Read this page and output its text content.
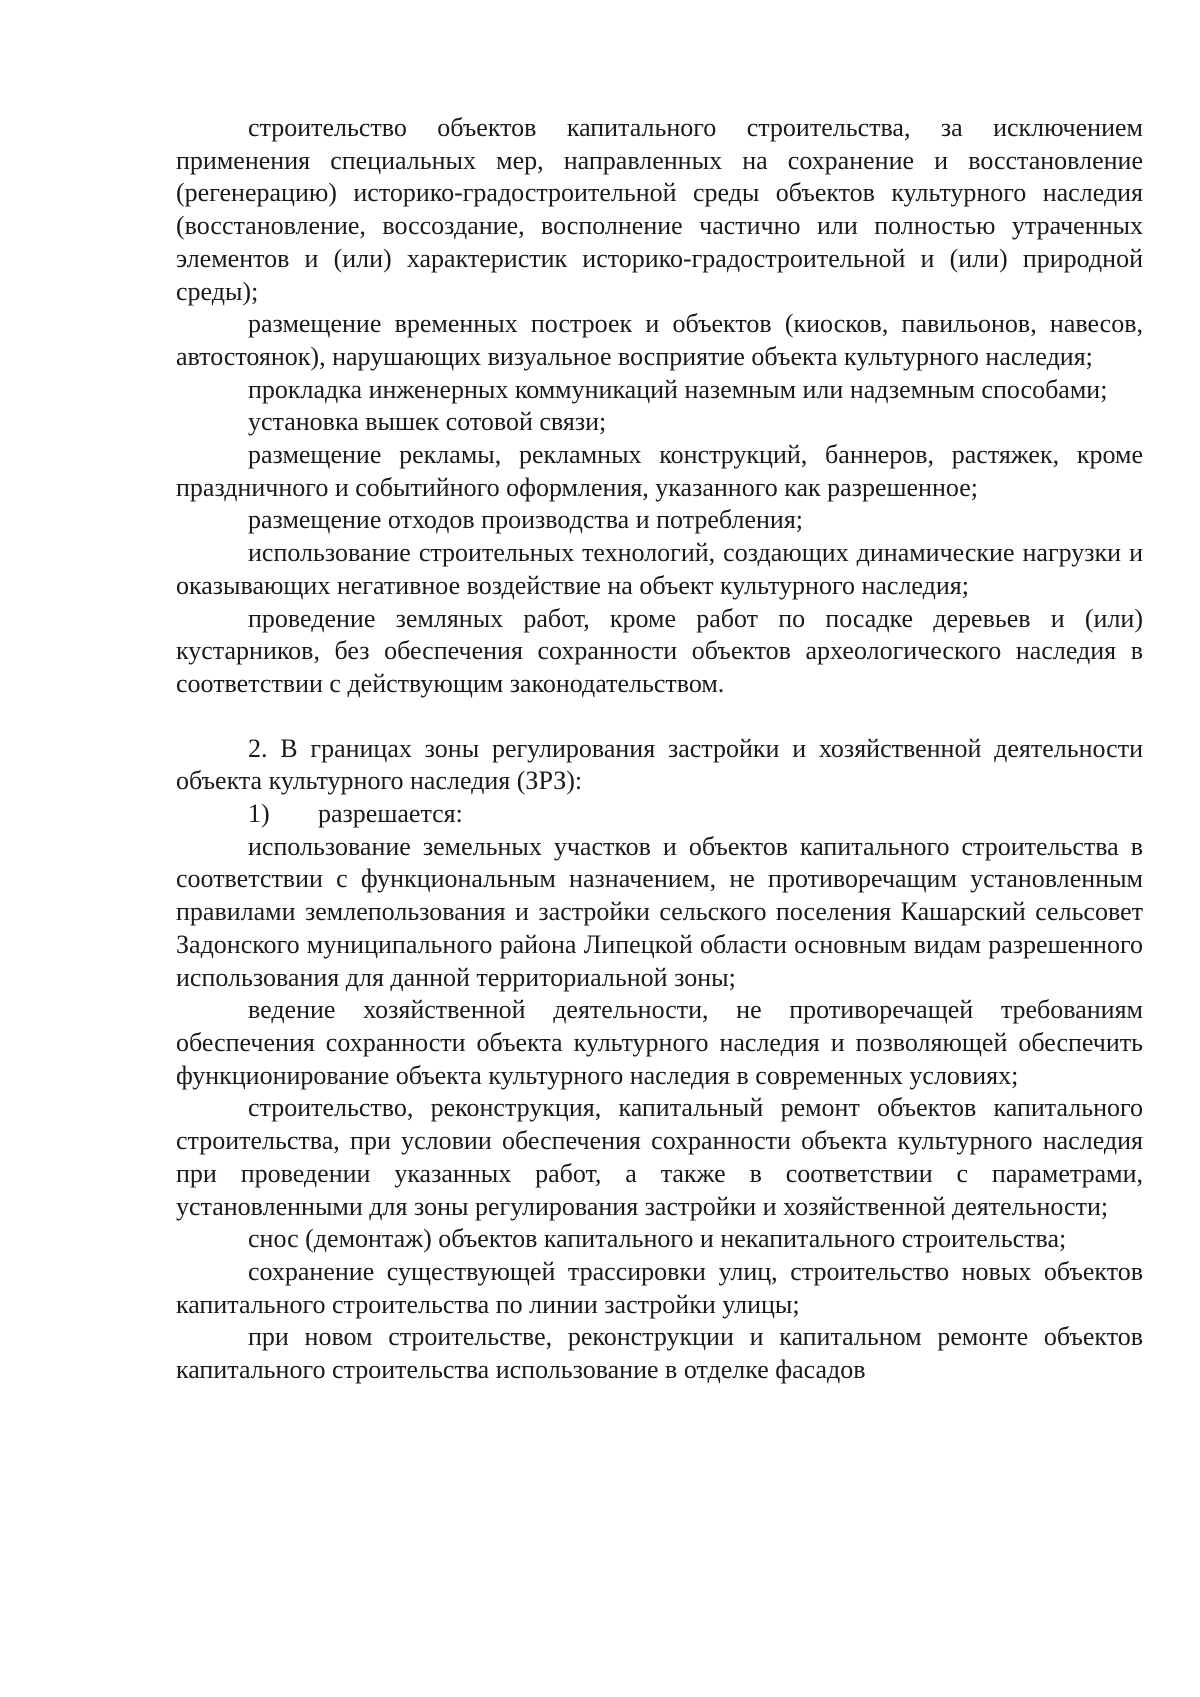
строительство объектов капитального строительства, за исключением применения специальных мер, направленных на сохранение и восстановление (регенерацию) историко-градостроительной среды объектов культурного наследия (восстановление, воссоздание, восполнение частично или полностью утраченных элементов и (или) характеристик историко-градостроительной и (или) природной среды);

размещение временных построек и объектов (киосков, павильонов, навесов, автостоянок), нарушающих визуальное восприятие объекта культурного наследия;

прокладка инженерных коммуникаций наземным или надземным способами;

установка вышек сотовой связи;

размещение рекламы, рекламных конструкций, баннеров, растяжек, кроме праздничного и событийного оформления, указанного как разрешенное;

размещение отходов производства и потребления;

использование строительных технологий, создающих динамические нагрузки и оказывающих негативное воздействие на объект культурного наследия;

проведение земляных работ, кроме работ по посадке деревьев и (или) кустарников, без обеспечения сохранности объектов археологического наследия в соответствии с действующим законодательством.

2. В границах зоны регулирования застройки и хозяйственной деятельности объекта культурного наследия (ЗРЗ):

1) разрешается:

использование земельных участков и объектов капитального строительства в соответствии с функциональным назначением, не противоречащим установленным правилами землепользования и застройки сельского поселения Кашарский сельсовет Задонского муниципального района Липецкой области основным видам разрешенного использования для данной территориальной зоны;

ведение хозяйственной деятельности, не противоречащей требованиям обеспечения сохранности объекта культурного наследия и позволяющей обеспечить функционирование объекта культурного наследия в современных условиях;

строительство, реконструкция, капитальный ремонт объектов капитального строительства, при условии обеспечения сохранности объекта культурного наследия при проведении указанных работ, а также в соответствии с параметрами, установленными для зоны регулирования застройки и хозяйственной деятельности;

снос (демонтаж) объектов капитального и некапитального строительства;

сохранение существующей трассировки улиц, строительство новых объектов капитального строительства по линии застройки улицы;

при новом строительстве, реконструкции и капитальном ремонте объектов капитального строительства использование в отделке фасадов
